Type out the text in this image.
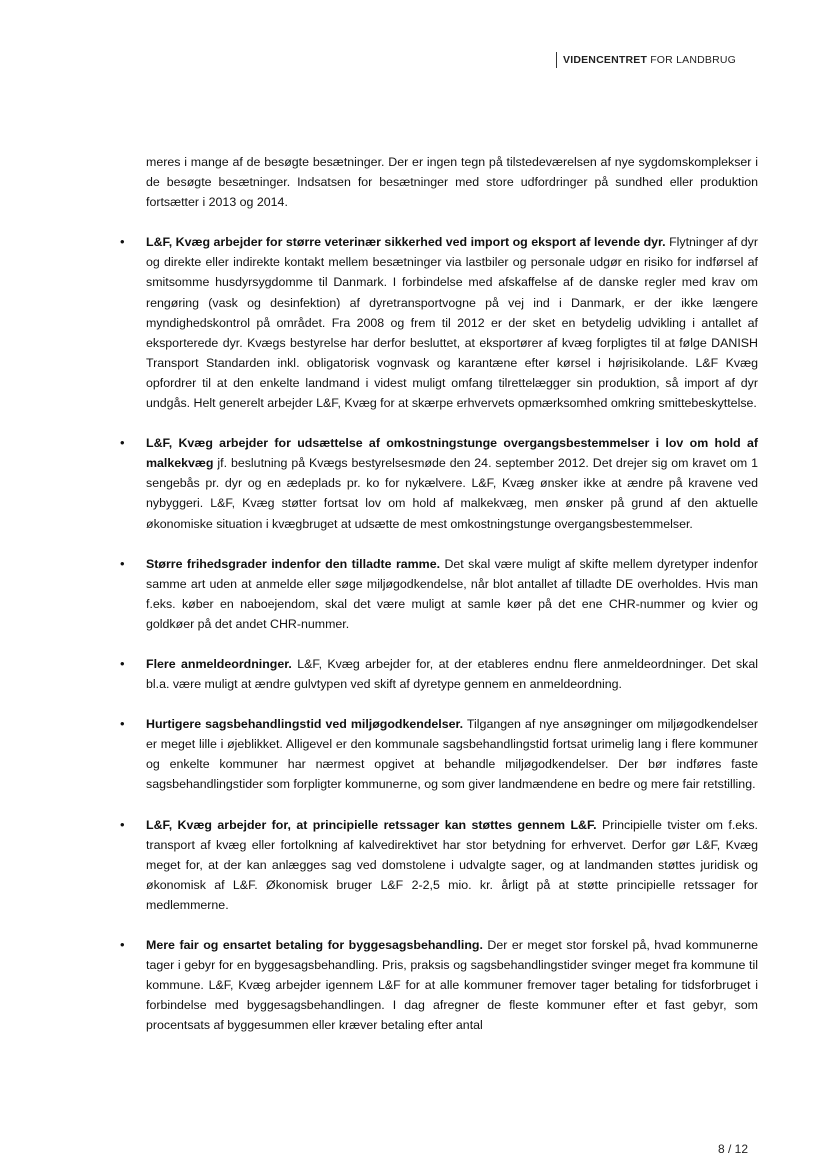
VIDENCENTRET FOR LANDBRUG

meres i mange af de besøgte besætninger. Der er ingen tegn på tilstedeværelsen af nye sygdomskomplekser i de besøgte besætninger. Indsatsen for besætninger med store udfordringer på sundhed eller produktion fortsætter i 2013 og 2014.

• L&F, Kvæg arbejder for større veterinær sikkerhed ved import og eksport af levende dyr. Flytninger af dyr og direkte eller indirekte kontakt mellem besætninger via lastbiler og personale udgør en risiko for indførsel af smitsomme husdyrsygdomme til Danmark. I forbindelse med afskaffelse af de danske regler med krav om rengøring (vask og desinfektion) af dyretransportvogne på vej ind i Danmark, er der ikke længere myndighedskontrol på området. Fra 2008 og frem til 2012 er der sket en betydelig udvikling i antallet af eksporterede dyr. Kvægs bestyrelse har derfor besluttet, at eksportører af kvæg forpligtes til at følge DANISH Transport Standarden inkl. obligatorisk vognvask og karantæne efter kørsel i højrisikolande. L&F Kvæg opfordrer til at den enkelte landmand i videst muligt omfang tilrettelægger sin produktion, så import af dyr undgås. Helt generelt arbejder L&F, Kvæg for at skærpe erhvervets opmærksomhed omkring smittebeskyttelse.
• L&F, Kvæg arbejder for udsættelse af omkostningstunge overgangsbestemmelser i lov om hold af malkekvæg jf. beslutning på Kvægs bestyrelsesmøde den 24. september 2012. Det drejer sig om kravet om 1 sengebås pr. dyr og en ædeplads pr. ko for nykælvere. L&F, Kvæg ønsker ikke at ændre på kravene ved nybyggeri. L&F, Kvæg støtter fortsat lov om hold af malkekvæg, men ønsker på grund af den aktuelle økonomiske situation i kvægbruget at udsætte de mest omkostningstunge overgangsbestemmelser.
• Større frihedsgrader indenfor den tilladte ramme. Det skal være muligt af skifte mellem dyretyper indenfor samme art uden at anmelde eller søge miljøgodkendelse, når blot antallet af tilladte DE overholdes. Hvis man f.eks. køber en naboejendom, skal det være muligt at samle køer på det ene CHR-nummer og kvier og goldkøer på det andet CHR-nummer.
• Flere anmeldeordninger. L&F, Kvæg arbejder for, at der etableres endnu flere anmeldeordninger. Det skal bl.a. være muligt at ændre gulvtypen ved skift af dyretype gennem en anmeldeordning.
• Hurtigere sagsbehandlingstid ved miljøgodkendelser. Tilgangen af nye ansøgninger om miljøgodkendelser er meget lille i øjeblikket. Alligevel er den kommunale sagsbehandlingstid fortsat urimelig lang i flere kommuner og enkelte kommuner har nærmest opgivet at behandle miljøgodkendelser. Der bør indføres faste sagsbehandlingstider som forpligter kommunerne, og som giver landmændene en bedre og mere fair retstilling.
• L&F, Kvæg arbejder for, at principielle retssager kan støttes gennem L&F. Principielle tvister om f.eks. transport af kvæg eller fortolkning af kalvedirektivet har stor betydning for erhvervet. Derfor gør L&F, Kvæg meget for, at der kan anlægges sag ved domstolene i udvalgte sager, og at landmanden støttes juridisk og økonomisk af L&F. Økonomisk bruger L&F 2-2,5 mio. kr. årligt på at støtte principielle retssager for medlemmerne.
• Mere fair og ensartet betaling for byggesagsbehandling. Der er meget stor forskel på, hvad kommunerne tager i gebyr for en byggesagsbehandling. Pris, praksis og sagsbehandlingstider svinger meget fra kommune til kommune. L&F, Kvæg arbejder igennem L&F for at alle kommuner fremover tager betaling for tidsforbruget i forbindelse med byggesagsbehandlingen. I dag afregner de fleste kommuner efter et fast gebyr, som procentsats af byggesummen eller kræver betaling efter antal
8 / 12
